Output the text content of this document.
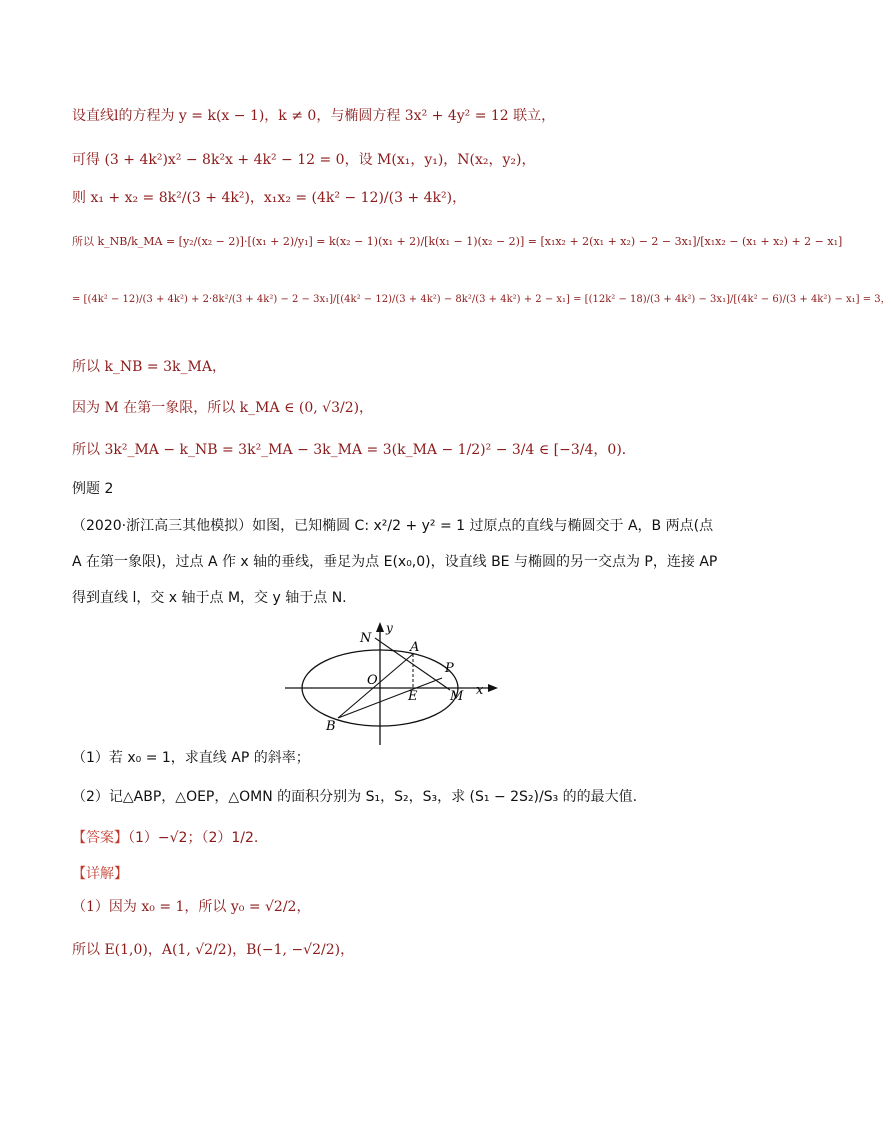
设直线l的方程为 y = k(x − 1)，k ≠ 0，与椭圆方程 3x² + 4y² = 12 联立，
可得 (3 + 4k²)x² − 8k²x + 4k² − 12 = 0，设 M(x₁，y₁)，N(x₂，y₂)，
则 x₁ + x₂ = 8k²/(3 + 4k²)，x₁x₂ = (4k² − 12)/(3 + 4k²)，
所以 k_NB/k_MA = [y₂/(x₂ − 2)]·[(x₁ + 2)/y₁] = k(x₂ − 1)(x₁ + 2)/[k(x₁ − 1)(x₂ − 2)] = [x₁x₂ + 2(x₁ + x₂) − 2 − 3x₁]/[x₁x₂ − (x₁ + x₂) + 2 − x₁]
= [(4k² − 12)/(3 + 4k²) + 2·8k²/(3 + 4k²) − 2 − 3x₁]/[(4k² − 12)/(3 + 4k²) − 8k²/(3 + 4k²) + 2 − x₁] = [(12k² − 18)/(3 + 4k²) − 3x₁]/[(4k² − 6)/(3 + 4k²) − x₁] = 3，
所以 k_NB = 3k_MA，
因为 M 在第一象限，所以 k_MA ∈ (0, √3/2)，
所以 3k²_MA − k_NB = 3k²_MA − 3k_MA = 3(k_MA − 1/2)² − 3/4 ∈ [−3/4，0)．
例题 2
（2020·浙江高三其他模拟）如图，已知椭圆 C: x²/2 + y² = 1 过原点的直线与椭圆交于 A，B 两点(点 A 在第一象限)，过点 A 作 x 轴的垂线，垂足为点 E(x₀,0)，设直线 BE 与椭圆的另一交点为 P，连接 AP 得到直线 l，交 x 轴于点 M，交 y 轴于点 N.
N
y
A
P
O
E	M x
B
（1）若 x₀ = 1，求直线 AP 的斜率；
（2）记△ABP，△OEP，△OMN 的面积分别为 S₁，S₂，S₃，求 (S₁ − 2S₂)/S₃ 的的最大值.
【答案】（1）−√2；（2）1/2.
【详解】
（1）因为 x₀ = 1，所以 y₀ = √2/2，
所以 E(1,0)，A(1, √2/2)，B(−1, −√2/2)，
